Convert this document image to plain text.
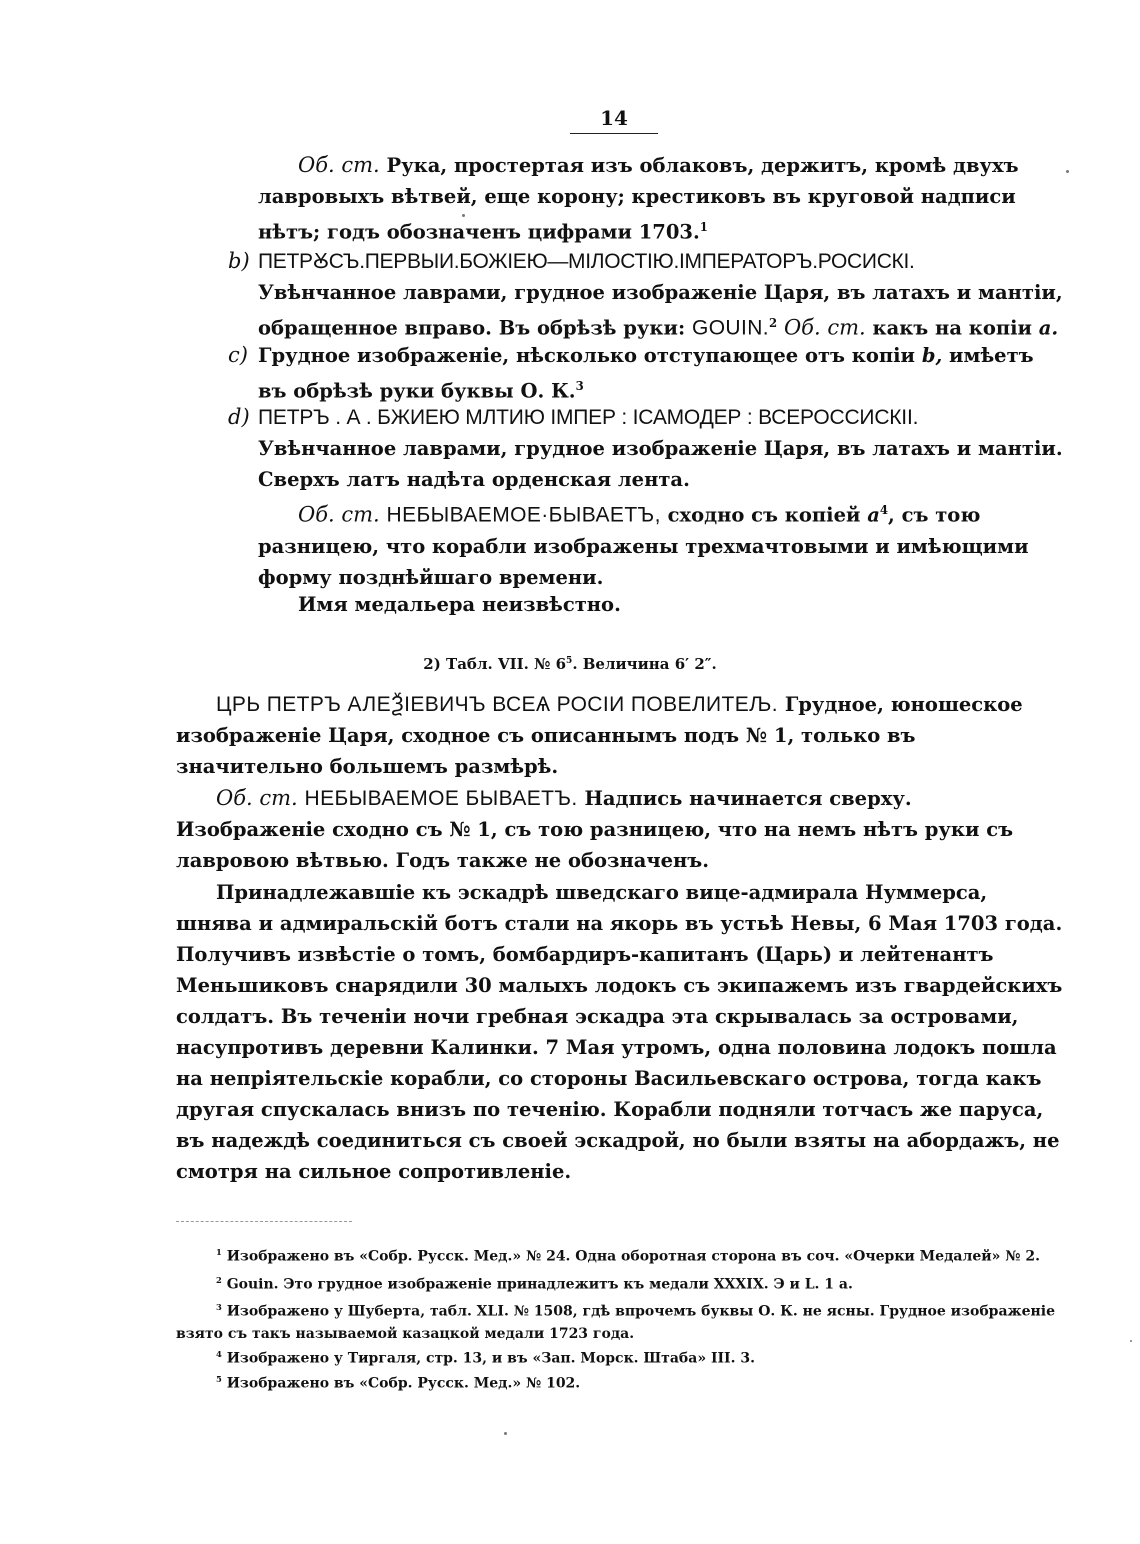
14

Об. ст. Рука, простертая изъ облаковъ, держитъ, кромѣ двухъ лавровыхъ вѣтвей, еще корону; крестиковъ въ круговой надписи нѣтъ; годъ обозначенъ цифрами 1703.$^1$

b) ПЕТРꙊСЪ.ПЕРВЫИ.БОЖІЕЮ—МІЛОСТІЮ.ІМПЕРАТОРЪ.РОСИСКІ.

Увѣнчанное лаврами, грудное изображеніе Царя, въ латахъ и мантіи, обращенное вправо. Въ обрѣзѣ руки: GOUIN.$^2$ Об. ст. какъ на копіи a.

c) Грудное изображеніе, нѣсколько отступающее отъ копіи b, имѣетъ въ обрѣзѣ руки буквы О. К.$^3$

d) ПЕТРЪ . А . БЖИЕЮ МЛТИЮ ІМПЕР : ІСАМОДЕР : ВСЕРОССИСКІІ.

Увѣнчанное лаврами, грудное изображеніе Царя, въ латахъ и мантіи. Сверхъ латъ надѣта орденская лента.

Об. ст. НЕБЫВАЕМОЕ·БЫВАЕТЪ, сходно съ копіей $a^4$, съ тою разницею, что корабли изображены трехмачтовыми и имѣющими форму позднѣйшаго времени.

Имя медальера неизвѣстно.

2) Табл. VII. № $6^5$. Величина 6′ 2″.

ЦРЬ ПЕТРЪ АЛЕѮІЕВИЧЪ ВСЕѦ РОСІИ ПОВЕЛИТЕЉ. Грудное, юношеское изображеніе Царя, сходное съ описаннымъ подъ № 1, только въ значительно большемъ размѣрѣ.

Об. ст. НЕБЫВАЕМОЕ БЫВАЕТЪ. Надпись начинается сверху. Изображеніе сходно съ № 1, съ тою разницею, что на немъ нѣтъ руки съ лавровою вѣтвью. Годъ также не обозначенъ.

Принадлежавшіе къ эскадрѣ шведскаго вице-адмирала Нуммерса, шнява и адмиральскій ботъ стали на якорь въ устьѣ Невы, 6 Мая 1703 года. Получивъ извѣстіе о томъ, бомбардиръ-капитанъ (Царь) и лейтенантъ Меньшиковъ снарядили 30 малыхъ лодокъ съ экипажемъ изъ гвардейскихъ солдатъ. Въ теченіи ночи гребная эскадра эта скрывалась за островами, насупротивъ деревни Калинки. 7 Мая утромъ, одна половина лодокъ пошла на непріятельскіе корабли, со стороны Васильевскаго острова, тогда какъ другая спускалась внизъ по теченію. Корабли подняли тотчасъ же паруса, въ надеждѣ соединиться съ своей эскадрой, но были взяты на абордажъ, не смотря на сильное сопротивленіе.

$^1$ Изображено въ «Собр. Русск. Мед.» № 24. Одна оборотная сторона въ соч. «Очерки Медалей» № 2.

$^2$ Gouin. Это грудное изображеніе принадлежитъ къ медали XXXIX. Э и L. 1 a.

$^3$ Изображено у Шуберта, табл. XLI. № 1508, гдѣ впрочемъ буквы О. К. не ясны. Грудное изображеніе взято съ такъ называемой казацкой медали 1723 года.

$^4$ Изображено у Тиргаля, стр. 13, и въ «Зап. Морск. Штаба» III. 3.

$^5$ Изображено въ «Собр. Русск. Мед.» № 102.
